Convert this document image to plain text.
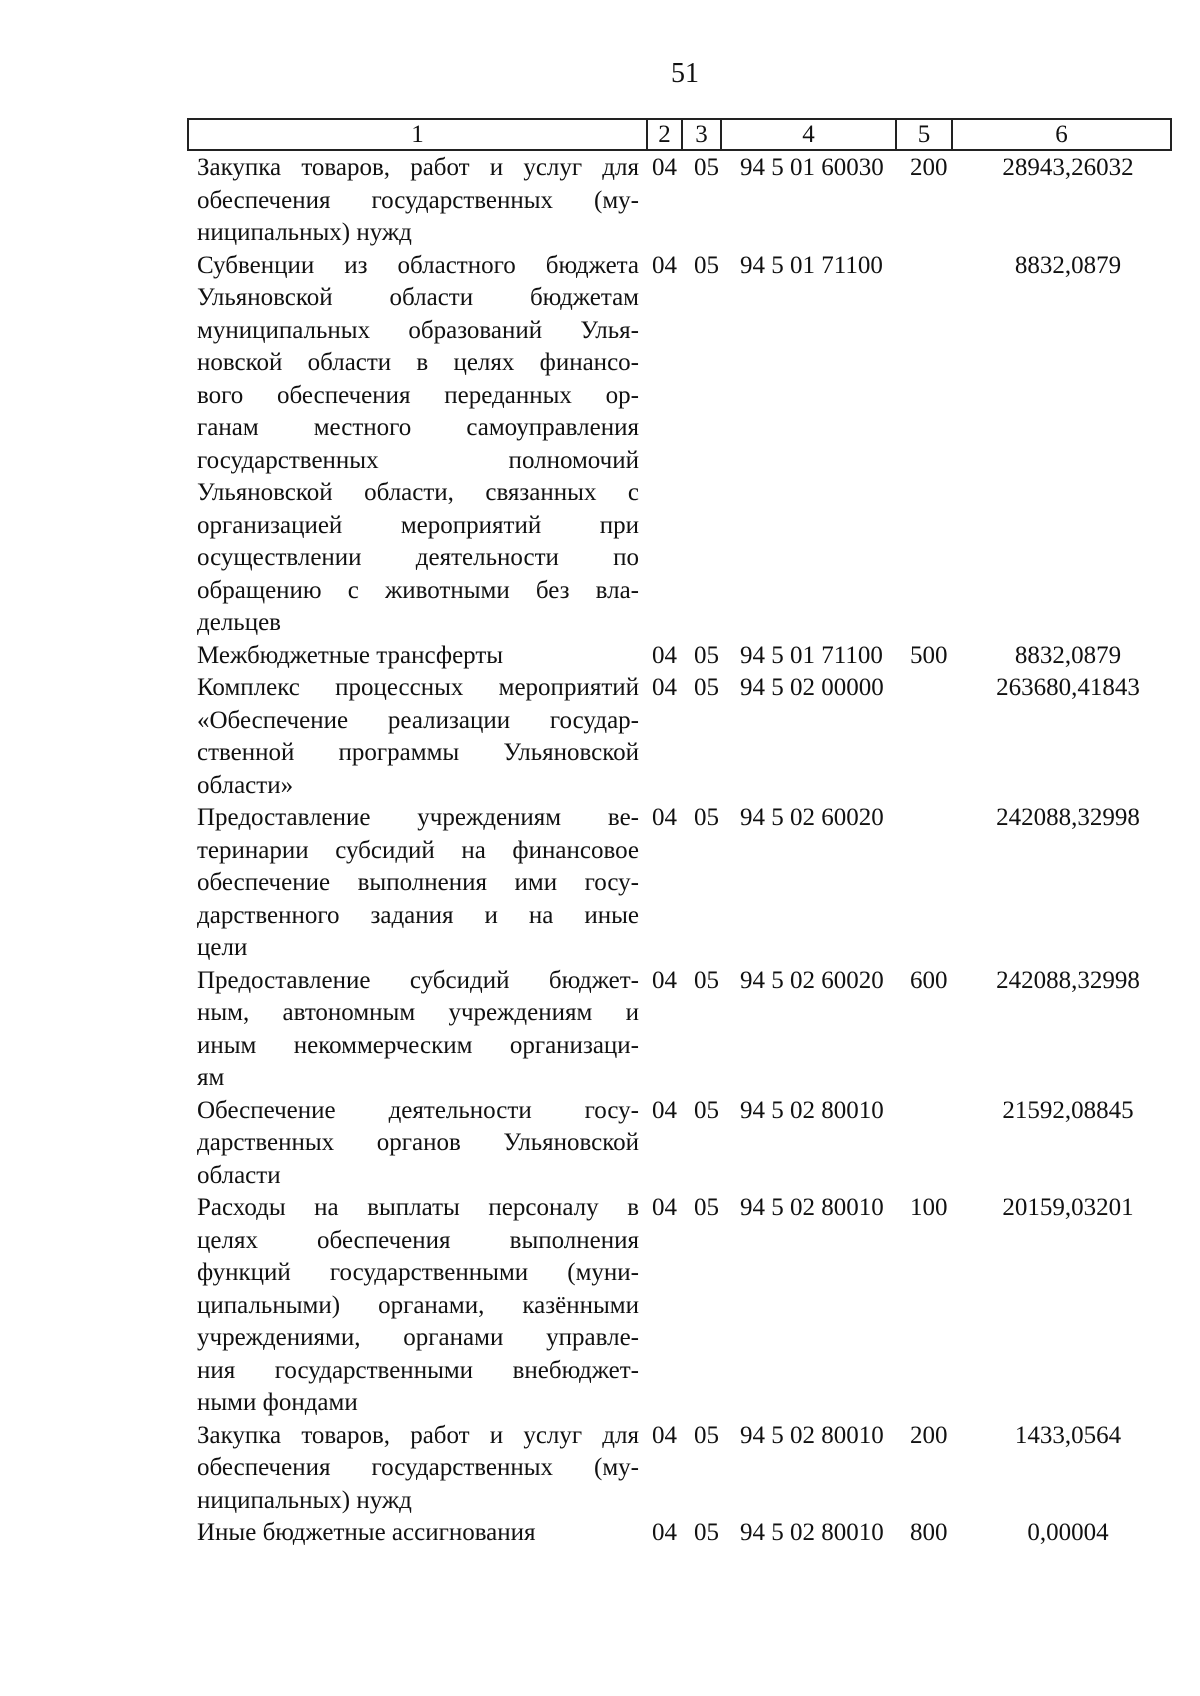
51
1	2 3	4	5	6
Закупка товаров, работ и услуг для
обеспечения государственных (му-
ниципальных) нужд
04 05 94 5 01 60030 200	28943,26032
Субвенции из областного бюджета
Ульяновской области бюджетам
муниципальных образований Улья-
новской области в целях финансо-
вого обеспечения переданных ор-
ганам местного самоуправления
государственных полномочий
Ульяновской области, связанных с
организацией мероприятий при
осуществлении деятельности по
обращению с животными без вла-
дельцев
04 05 94 5 01 71100	8832,0879
Межбюджетные трансферты	04 05 94 5 01 71100 500	8832,0879
Комплекс процессных мероприятий
«Обеспечение реализации государ-
ственной программы Ульяновской
области»
04 05 94 5 02 00000	263680,41843
Предоставление учреждениям ве-
теринарии субсидий на финансовое
обеспечение выполнения ими госу-
дарственного задания и на иные
цели
04 05 94 5 02 60020	242088,32998
Предоставление субсидий бюджет-
ным, автономным учреждениям и
иным некоммерческим организаци-
ям
04 05 94 5 02 60020 600	242088,32998
Обеспечение деятельности госу-
дарственных органов Ульяновской
области
04 05 94 5 02 80010	21592,08845
Расходы на выплаты персоналу в
целях обеспечения выполнения
функций государственными (муни-
ципальными) органами, казёнными
учреждениями, органами управле-
ния государственными внебюджет-
ными фондами
04 05 94 5 02 80010 100	20159,03201
Закупка товаров, работ и услуг для
обеспечения государственных (му-
ниципальных) нужд
04 05 94 5 02 80010 200	1433,0564
Иные бюджетные ассигнования	04 05 94 5 02 80010 800	0,00004
